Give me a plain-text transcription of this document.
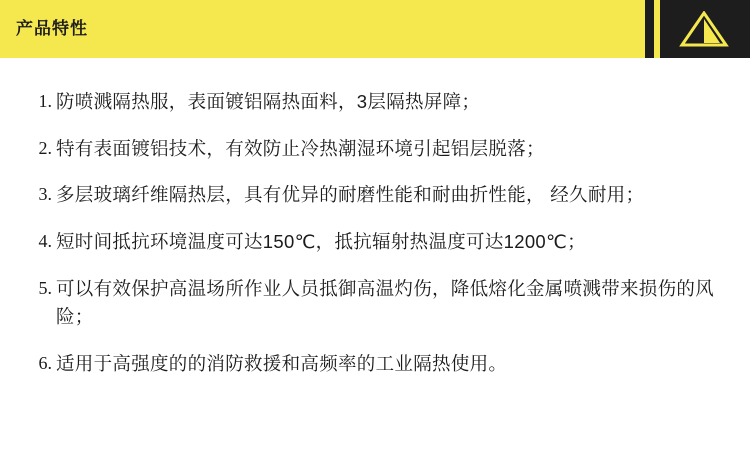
产品特性
1. 防喷溅隔热服，表面镀铝隔热面料，3层隔热屏障；
2. 特有表面镀铝技术，有效防止冷热潮湿环境引起铝层脱落；
3. 多层玻璃纤维隔热层，具有优异的耐磨性能和耐曲折性能， 经久耐用；
4. 短时间抵抗环境温度可达150℃，抵抗辐射热温度可达1200℃；
5. 可以有效保护高温场所作业人员抵御高温灼伤，降低熔化金属喷溅带来损伤的风险；
6. 适用于高强度的的消防救援和高频率的工业隔热使用。
